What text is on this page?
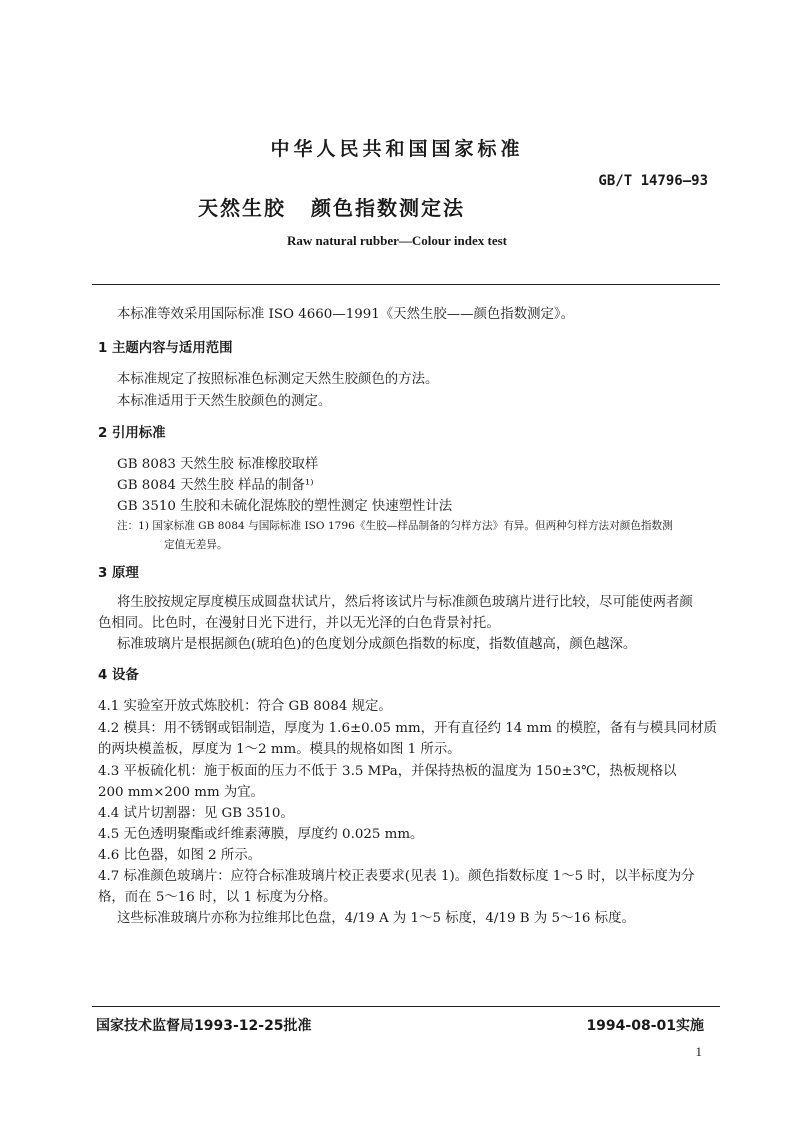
中华人民共和国国家标准
GB/T 14796—93
天然生胶 颜色指数测定法
Raw natural rubber—Colour index test
本标准等效采用国际标准 ISO 4660—1991《天然生胶——颜色指数测定》。
1 主题内容与适用范围
本标准规定了按照标准色标测定天然生胶颜色的方法。
本标准适用于天然生胶颜色的测定。
2 引用标准
GB 8083 天然生胶 标准橡胶取样
GB 8084 天然生胶 样品的制备¹⁾
GB 3510 生胶和未硫化混炼胶的塑性测定 快速塑性计法
注：1) 国家标准 GB 8084 与国际标准 ISO 1796《生胶—样品制备的匀样方法》有异。但两种匀样方法对颜色指数测
定值无差异。
3 原理
将生胶按规定厚度模压成圆盘状试片，然后将该试片与标准颜色玻璃片进行比较，尽可能使两者颜
色相同。比色时，在漫射日光下进行，并以无光泽的白色背景衬托。
标准玻璃片是根据颜色(琥珀色)的色度划分成颜色指数的标度，指数值越高，颜色越深。
4 设备
4.1 实验室开放式炼胶机：符合 GB 8084 规定。
4.2 模具：用不锈钢或铝制造，厚度为 1.6±0.05 mm，开有直径约 14 mm 的模腔，备有与模具同材质
的两块模盖板，厚度为 1～2 mm。模具的规格如图 1 所示。
4.3 平板硫化机：施于板面的压力不低于 3.5 MPa，并保持热板的温度为 150±3℃，热板规格以
200 mm×200 mm 为宜。
4.4 试片切割器：见 GB 3510。
4.5 无色透明聚酯或纤维素薄膜，厚度约 0.025 mm。
4.6 比色器，如图 2 所示。
4.7 标准颜色玻璃片：应符合标准玻璃片校正表要求(见表 1)。颜色指数标度 1～5 时，以半标度为分
格，而在 5～16 时，以 1 标度为分格。
这些标准玻璃片亦称为拉维邦比色盘，4/19 A 为 1～5 标度，4/19 B 为 5～16 标度。
国家技术监督局1993-12-25批准	1994-08-01实施
1
